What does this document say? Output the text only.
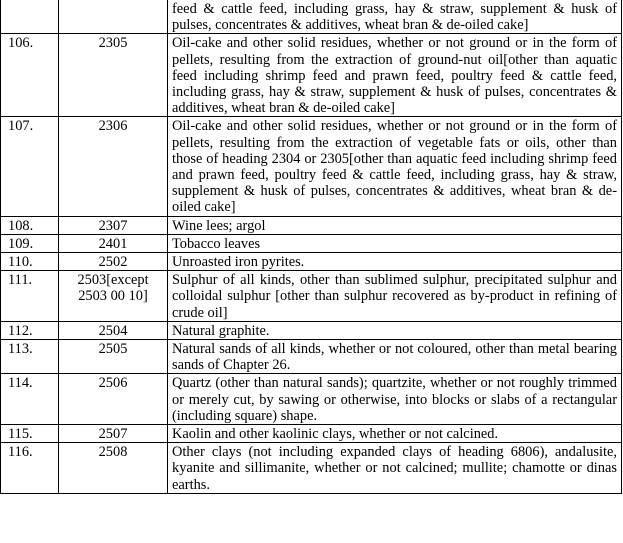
		feed & cattle feed, including grass, hay & straw, supplement & husk of pulses, concentrates & additives, wheat bran & de-oiled cake]
106.	2305	Oil-cake and other solid residues, whether or not ground or in the form of pellets, resulting from the extraction of ground-nut oil[other than aquatic feed including shrimp feed and prawn feed, poultry feed & cattle feed, including grass, hay & straw, supplement & husk of pulses, concentrates & additives, wheat bran & de-oiled cake]
107.	2306	Oil-cake and other solid residues, whether or not ground or in the form of pellets, resulting from the extraction of vegetable fats or oils, other than those of heading 2304 or 2305[other than aquatic feed including shrimp feed and prawn feed, poultry feed & cattle feed, including grass, hay & straw, supplement & husk of pulses, concentrates & additives, wheat bran & de-oiled cake]
108.	2307	Wine lees; argol
109.	2401	Tobacco leaves
110.	2502	Unroasted iron pyrites.
111.	2503[except 2503 00 10]	Sulphur of all kinds, other than sublimed sulphur, precipitated sulphur and colloidal sulphur [other than sulphur recovered as by-product in refining of crude oil]
112.	2504	Natural graphite.
113.	2505	Natural sands of all kinds, whether or not coloured, other than metal bearing sands of Chapter 26.
114.	2506	Quartz (other than natural sands); quartzite, whether or not roughly trimmed or merely cut, by sawing or otherwise, into blocks or slabs of a rectangular (including square) shape.
115.	2507	Kaolin and other kaolinic clays, whether or not calcined.
116.	2508	Other clays (not including expanded clays of heading 6806), andalusite, kyanite and sillimanite, whether or not calcined; mullite; chamotte or dinas earths.
